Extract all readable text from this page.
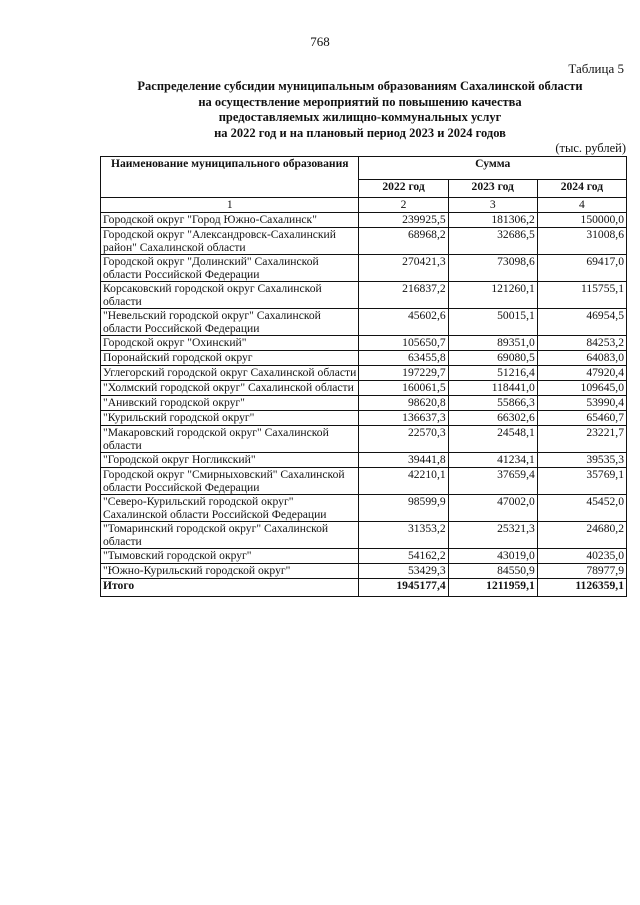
768
Таблица 5
Распределение субсидии муниципальным образованиям Сахалинской области
на осуществление мероприятий по повышению качества
предоставляемых жилищно-коммунальных услуг
на 2022 год и на плановый период 2023 и 2024 годов
(тыс. рублей)
Наименование муниципального образования	Сумма		
	2022 год	2023 год	2024 год
1	2	3	4
Городской округ "Город Южно-Сахалинск"	239925,5	181306,2	150000,0
Городской округ "Александровск-Сахалинский район" Сахалинской области	68968,2	32686,5	31008,6
Городской округ "Долинский" Сахалинской области Российской Федерации	270421,3	73098,6	69417,0
Корсаковский городской округ Сахалинской области	216837,2	121260,1	115755,1
"Невельский городской округ" Сахалинской области Российской Федерации	45602,6	50015,1	46954,5
Городской округ "Охинский"	105650,7	89351,0	84253,2
Поронайский городской округ	63455,8	69080,5	64083,0
Углегорский городской округ Сахалинской области	197229,7	51216,4	47920,4
"Холмский городской округ" Сахалинской области	160061,5	118441,0	109645,0
"Анивский городской округ"	98620,8	55866,3	53990,4
"Курильский городской округ"	136637,3	66302,6	65460,7
"Макаровский городской округ" Сахалинской области	22570,3	24548,1	23221,7
"Городской округ Ногликский"	39441,8	41234,1	39535,3
Городской округ "Смирныховский" Сахалинской области Российской Федерации	42210,1	37659,4	35769,1
"Северо-Курильский городской округ" Сахалинской области Российской Федерации	98599,9	47002,0	45452,0
"Томаринский городской округ" Сахалинской области	31353,2	25321,3	24680,2
"Тымовский городской округ"	54162,2	43019,0	40235,0
"Южно-Курильский городской округ"	53429,3	84550,9	78977,9
Итого	1945177,4	1211959,1	1126359,1
